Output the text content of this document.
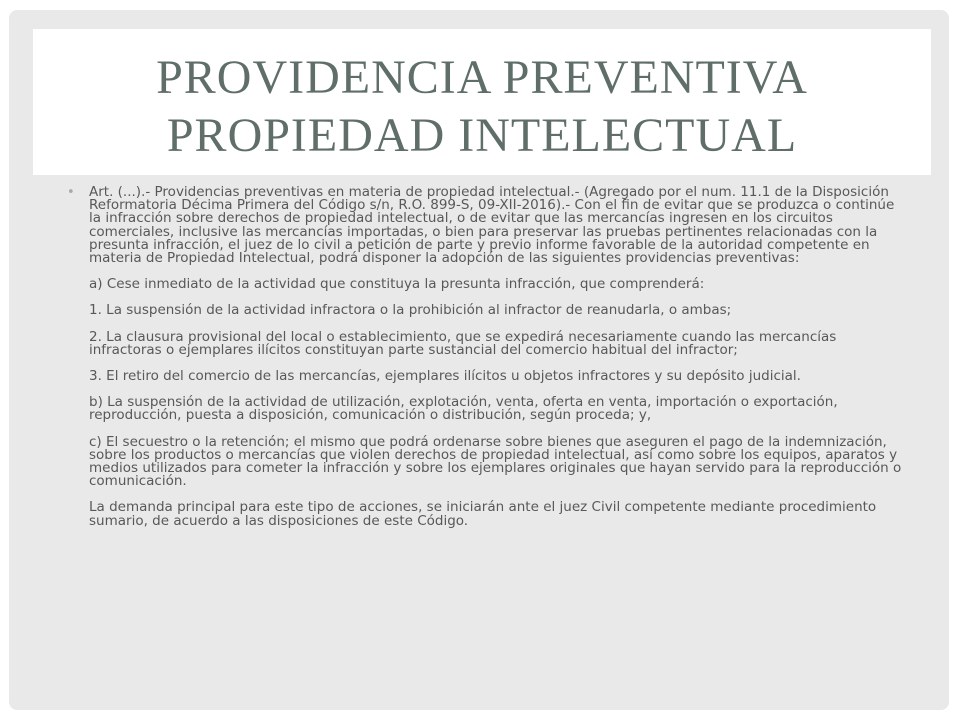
PROVIDENCIA PREVENTIVA
PROPIEDAD INTELECTUAL
• Art. (...).- Providencias preventivas en materia de propiedad intelectual.- (Agregado por el num. 11.1 de la Disposición Reformatoria Décima Primera del Código s/n, R.O. 899-S, 09-XII-2016).- Con el fin de evitar que se produzca o continúe la infracción sobre derechos de propiedad intelectual, o de evitar que las mercancías ingresen en los circuitos comerciales, inclusive las mercancías importadas, o bien para preservar las pruebas pertinentes relacionadas con la presunta infracción, el juez de lo civil a petición de parte y previo informe favorable de la autoridad competente en materia de Propiedad Intelectual, podrá disponer la adopción de las siguientes providencias preventivas:

a) Cese inmediato de la actividad que constituya la presunta infracción, que comprenderá:

1. La suspensión de la actividad infractora o la prohibición al infractor de reanudarla, o ambas;

2. La clausura provisional del local o establecimiento, que se expedirá necesariamente cuando las mercancías infractoras o ejemplares ilícitos constituyan parte sustancial del comercio habitual del infractor;

3. El retiro del comercio de las mercancías, ejemplares ilícitos u objetos infractores y su depósito judicial.

b) La suspensión de la actividad de utilización, explotación, venta, oferta en venta, importación o exportación, reproducción, puesta a disposición, comunicación o distribución, según proceda; y,

c) El secuestro o la retención; el mismo que podrá ordenarse sobre bienes que aseguren el pago de la indemnización, sobre los productos o mercancías que violen derechos de propiedad intelectual, así como sobre los equipos, aparatos y medios utilizados para cometer la infracción y sobre los ejemplares originales que hayan servido para la reproducción o comunicación.

La demanda principal para este tipo de acciones, se iniciarán ante el juez Civil competente mediante procedimiento sumario, de acuerdo a las disposiciones de este Código.
